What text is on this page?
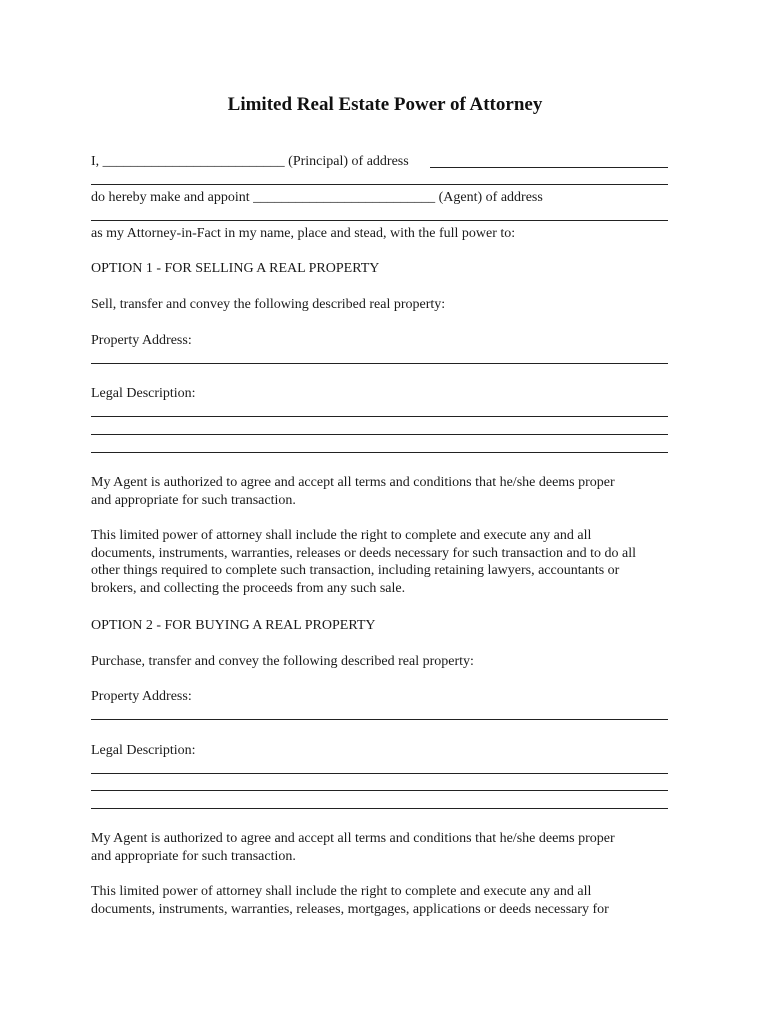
Limited Real Estate Power of Attorney
I, __________________________ (Principal) of address
do hereby make and appoint __________________________ (Agent) of address
as my Attorney-in-Fact in my name, place and stead, with the full power to:
OPTION 1 - FOR SELLING A REAL PROPERTY
Sell, transfer and convey the following described real property:
Property Address:
Legal Description:
My Agent is authorized to agree and accept all terms and conditions that he/she deems proper
and appropriate for such transaction.
This limited power of attorney shall include the right to complete and execute any and all
documents, instruments, warranties, releases or deeds necessary for such transaction and to do all
other things required to complete such transaction, including retaining lawyers, accountants or
brokers, and collecting the proceeds from any such sale.
OPTION 2 - FOR BUYING A REAL PROPERTY
Purchase, transfer and convey the following described real property:
Property Address:
Legal Description:
My Agent is authorized to agree and accept all terms and conditions that he/she deems proper
and appropriate for such transaction.
This limited power of attorney shall include the right to complete and execute any and all
documents, instruments, warranties, releases, mortgages, applications or deeds necessary for
